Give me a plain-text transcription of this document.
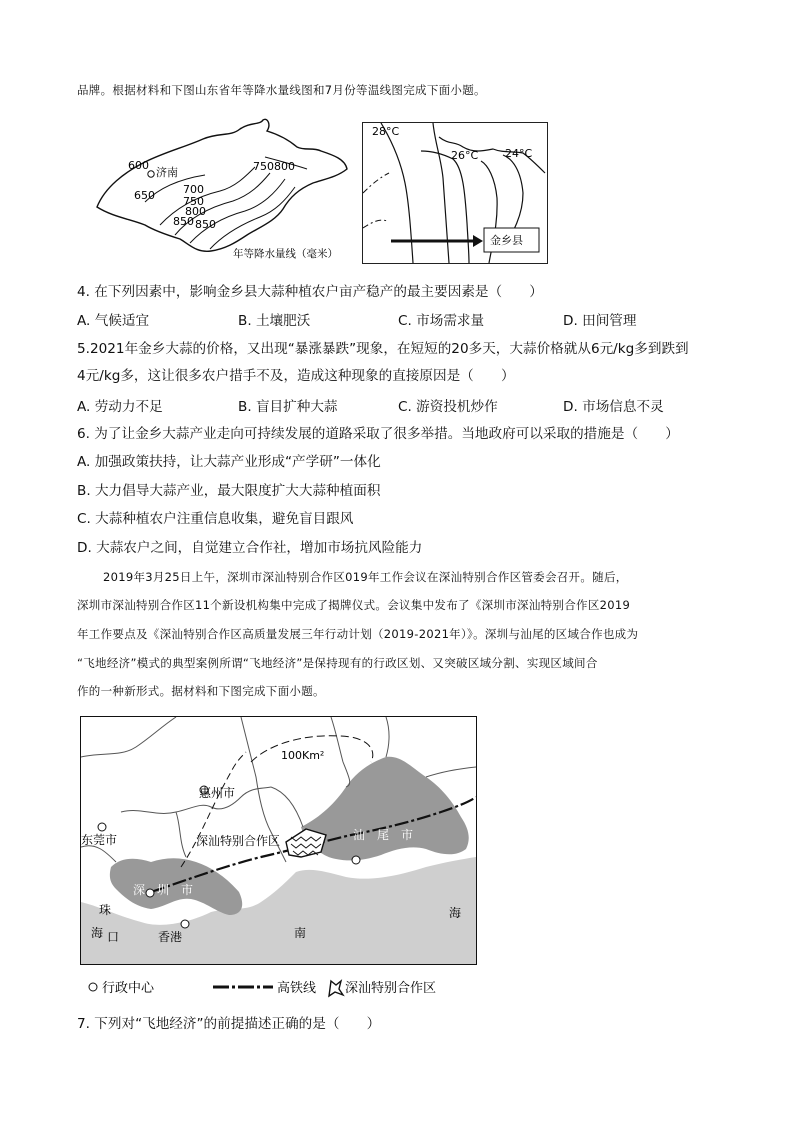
品牌。根据材料和下图山东省年等降水量线图和7月份等温线图完成下面小题。
600
济南
650	700
750
800
850 850
750 800
年等降水量线（毫米）
28°C
26°C 24°C
金乡县
4. 在下列因素中，影响金乡县大蒜种植农户亩产稳产的最主要因素是（　　）
A. 气候适宜	B. 土壤肥沃	C. 市场需求量	D. 田间管理
5.2021年金乡大蒜的价格，又出现“暴涨暴跌”现象，在短短的20多天，大蒜价格就从6元/kg多到跌到
4元/kg多，这让很多农户措手不及，造成这种现象的直接原因是（　　）
A. 劳动力不足	B. 盲目扩种大蒜	C. 游资投机炒作	D. 市场信息不灵
6. 为了让金乡大蒜产业走向可持续发展的道路采取了很多举措。当地政府可以采取的措施是（　　）
A. 加强政策扶持，让大蒜产业形成“产学研”一体化
B. 大力倡导大蒜产业，最大限度扩大大蒜种植面积
C. 大蒜种植农户注重信息收集，避免盲目跟风
D. 大蒜农户之间，自觉建立合作社，增加市场抗风险能力
2019年3月25日上午，深圳市深汕特别合作区019年工作会议在深汕特别合作区管委会召开。随后，
深圳市深汕特别合作区11个新设机构集中完成了揭牌仪式。会议集中发布了《深圳市深汕特别合作区2019
年工作要点及《深汕特别合作区高质量发展三年行动计划（2019-2021年）》。深圳与汕尾的区域合作也成为
“飞地经济”模式的典型案例所谓“飞地经济”是保持现有的行政区划、又突破区域分割、实现区域间合
作的一种新形式。据材料和下图完成下面小题。
100Km²
惠州市
东莞市	深汕特别合作区	汕　尾　市
深　圳　市
珠
海 口	香港	南
海
行政中心	高铁线 深汕特别合作区
7. 下列对“飞地经济”的前提描述正确的是（　　）
